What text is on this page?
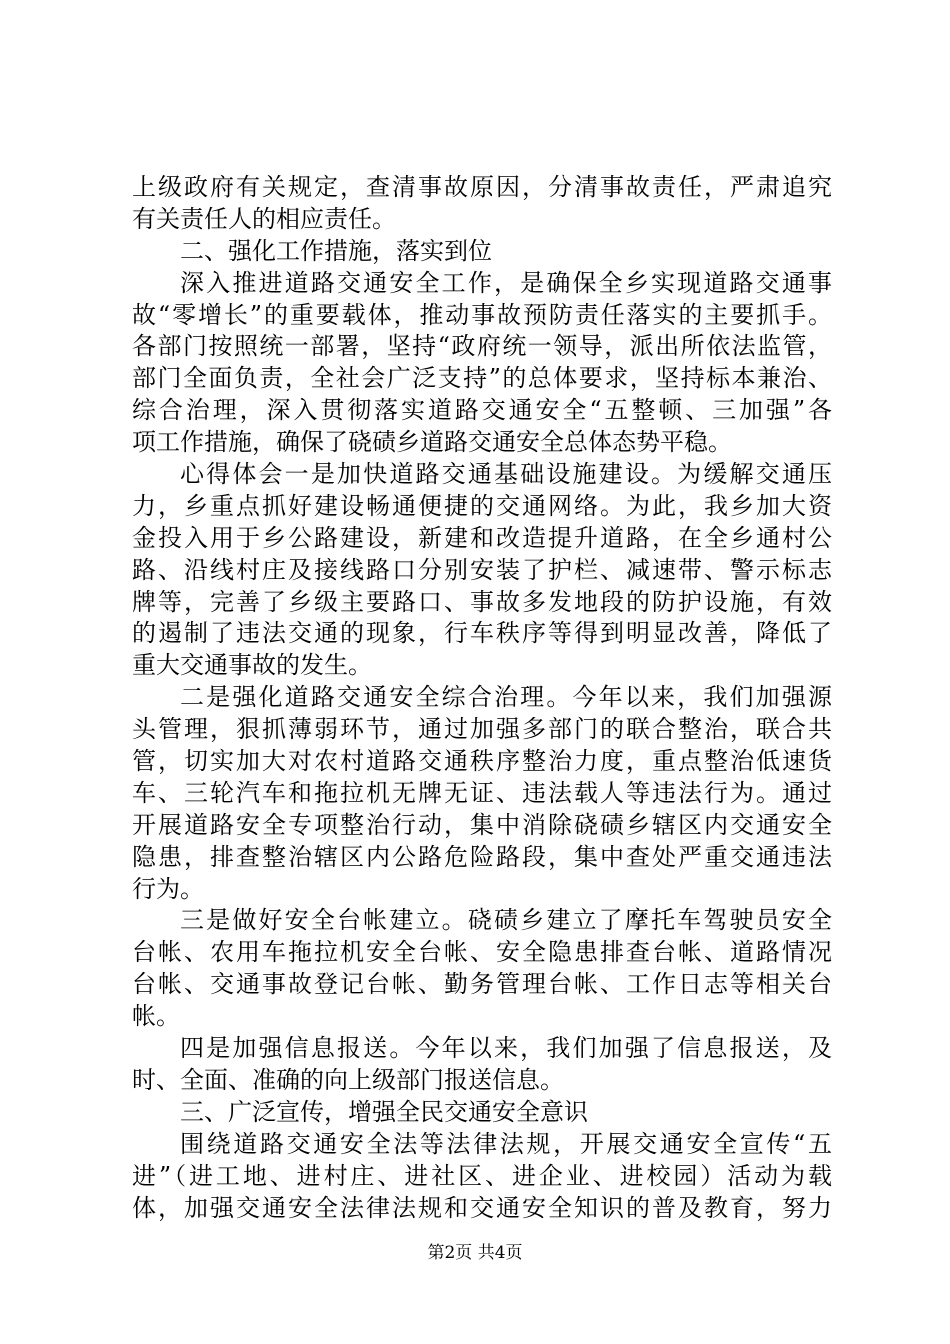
上级政府有关规定，查清事故原因，分清事故责任，严肃追究
有关责任人的相应责任。
二、强化工作措施，落实到位
深入推进道路交通安全工作，是确保全乡实现道路交通事
故“零增长”的重要载体，推动事故预防责任落实的主要抓手。
各部门按照统一部署，坚持“政府统一领导，派出所依法监管，
部门全面负责，全社会广泛支持”的总体要求，坚持标本兼治、
综合治理，深入贯彻落实道路交通安全“五整顿、三加强”各
项工作措施，确保了硗碛乡道路交通安全总体态势平稳。
心得体会一是加快道路交通基础设施建设。为缓解交通压
力，乡重点抓好建设畅通便捷的交通网络。为此，我乡加大资
金投入用于乡公路建设，新建和改造提升道路，在全乡通村公
路、沿线村庄及接线路口分别安装了护栏、减速带、警示标志
牌等，完善了乡级主要路口、事故多发地段的防护设施，有效
的遏制了违法交通的现象，行车秩序等得到明显改善，降低了
重大交通事故的发生。
二是强化道路交通安全综合治理。今年以来，我们加强源
头管理，狠抓薄弱环节，通过加强多部门的联合整治，联合共
管，切实加大对农村道路交通秩序整治力度，重点整治低速货
车、三轮汽车和拖拉机无牌无证、违法载人等违法行为。通过
开展道路安全专项整治行动，集中消除硗碛乡辖区内交通安全
隐患，排查整治辖区内公路危险路段，集中查处严重交通违法
行为。
三是做好安全台帐建立。硗碛乡建立了摩托车驾驶员安全
台帐、农用车拖拉机安全台帐、安全隐患排查台帐、道路情况
台帐、交通事故登记台帐、勤务管理台帐、工作日志等相关台
帐。
四是加强信息报送。今年以来，我们加强了信息报送，及
时、全面、准确的向上级部门报送信息。
三、广泛宣传，增强全民交通安全意识
围绕道路交通安全法等法律法规，开展交通安全宣传“五
进”（进工地、进村庄、进社区、进企业、进校园）活动为载
体，加强交通安全法律法规和交通安全知识的普及教育，努力
第2页 共4页
